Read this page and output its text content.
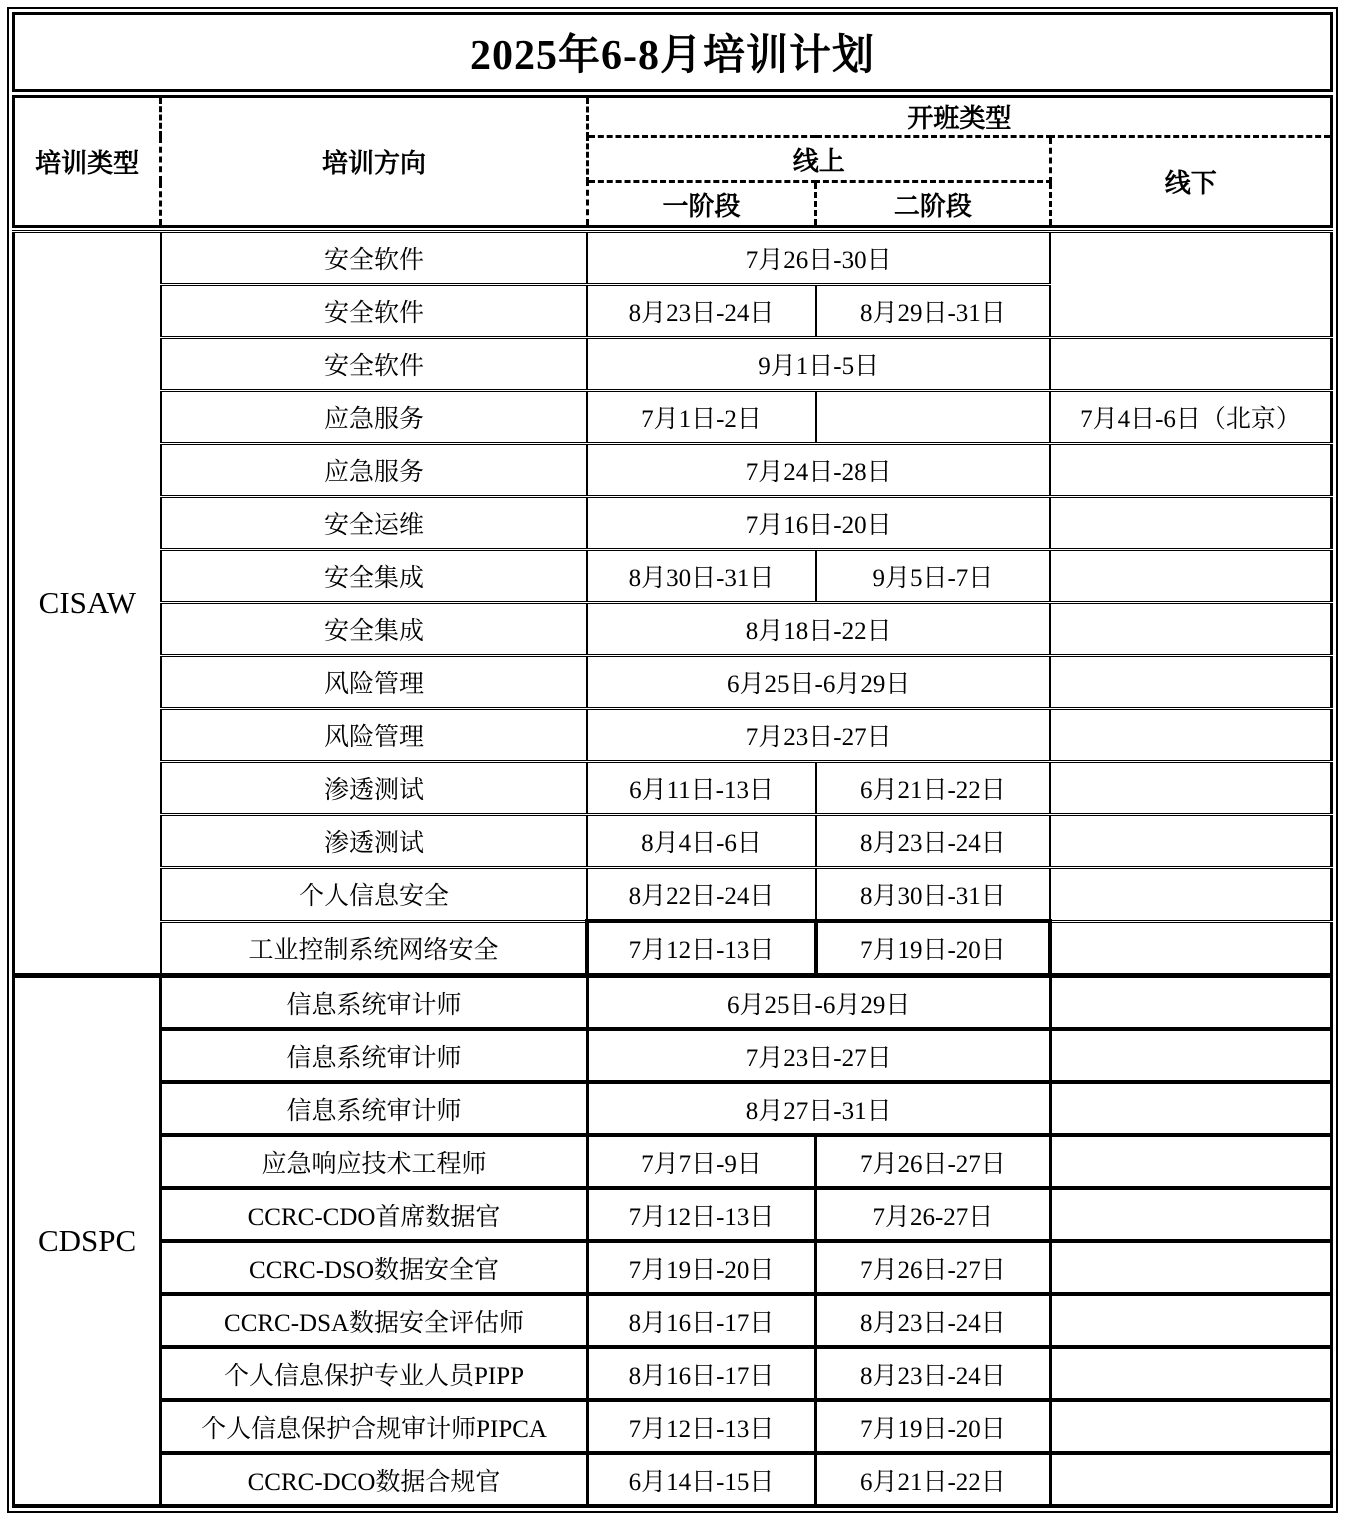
2025年6-8月培训计划
培训类型	培训方向	开班类型		
		线上		线下
		一阶段	二阶段	
CISAW	安全软件	7月26日-30日		
	安全软件	8月23日-24日	8月29日-31日	
	安全软件	9月1日-5日		
	应急服务	7月1日-2日		7月4日-6日（北京）
	应急服务	7月24日-28日		
	安全运维	7月16日-20日		
	安全集成	8月30日-31日	9月5日-7日	
	安全集成	8月18日-22日		
	风险管理	6月25日-6月29日		
	风险管理	7月23日-27日		
	渗透测试	6月11日-13日	6月21日-22日	
	渗透测试	8月4日-6日	8月23日-24日	
	个人信息安全	8月22日-24日	8月30日-31日	
	工业控制系统网络安全	7月12日-13日	7月19日-20日	
CDSPC	信息系统审计师	6月25日-6月29日		
	信息系统审计师	7月23日-27日		
	信息系统审计师	8月27日-31日		
	应急响应技术工程师	7月7日-9日	7月26日-27日	
	CCRC-CDO首席数据官	7月12日-13日	7月26-27日	
	CCRC-DSO数据安全官	7月19日-20日	7月26日-27日	
	CCRC-DSA数据安全评估师	8月16日-17日	8月23日-24日	
	个人信息保护专业人员PIPP	8月16日-17日	8月23日-24日	
	个人信息保护合规审计师PIPCA	7月12日-13日	7月19日-20日	
	CCRC-DCO数据合规官	6月14日-15日	6月21日-22日	
